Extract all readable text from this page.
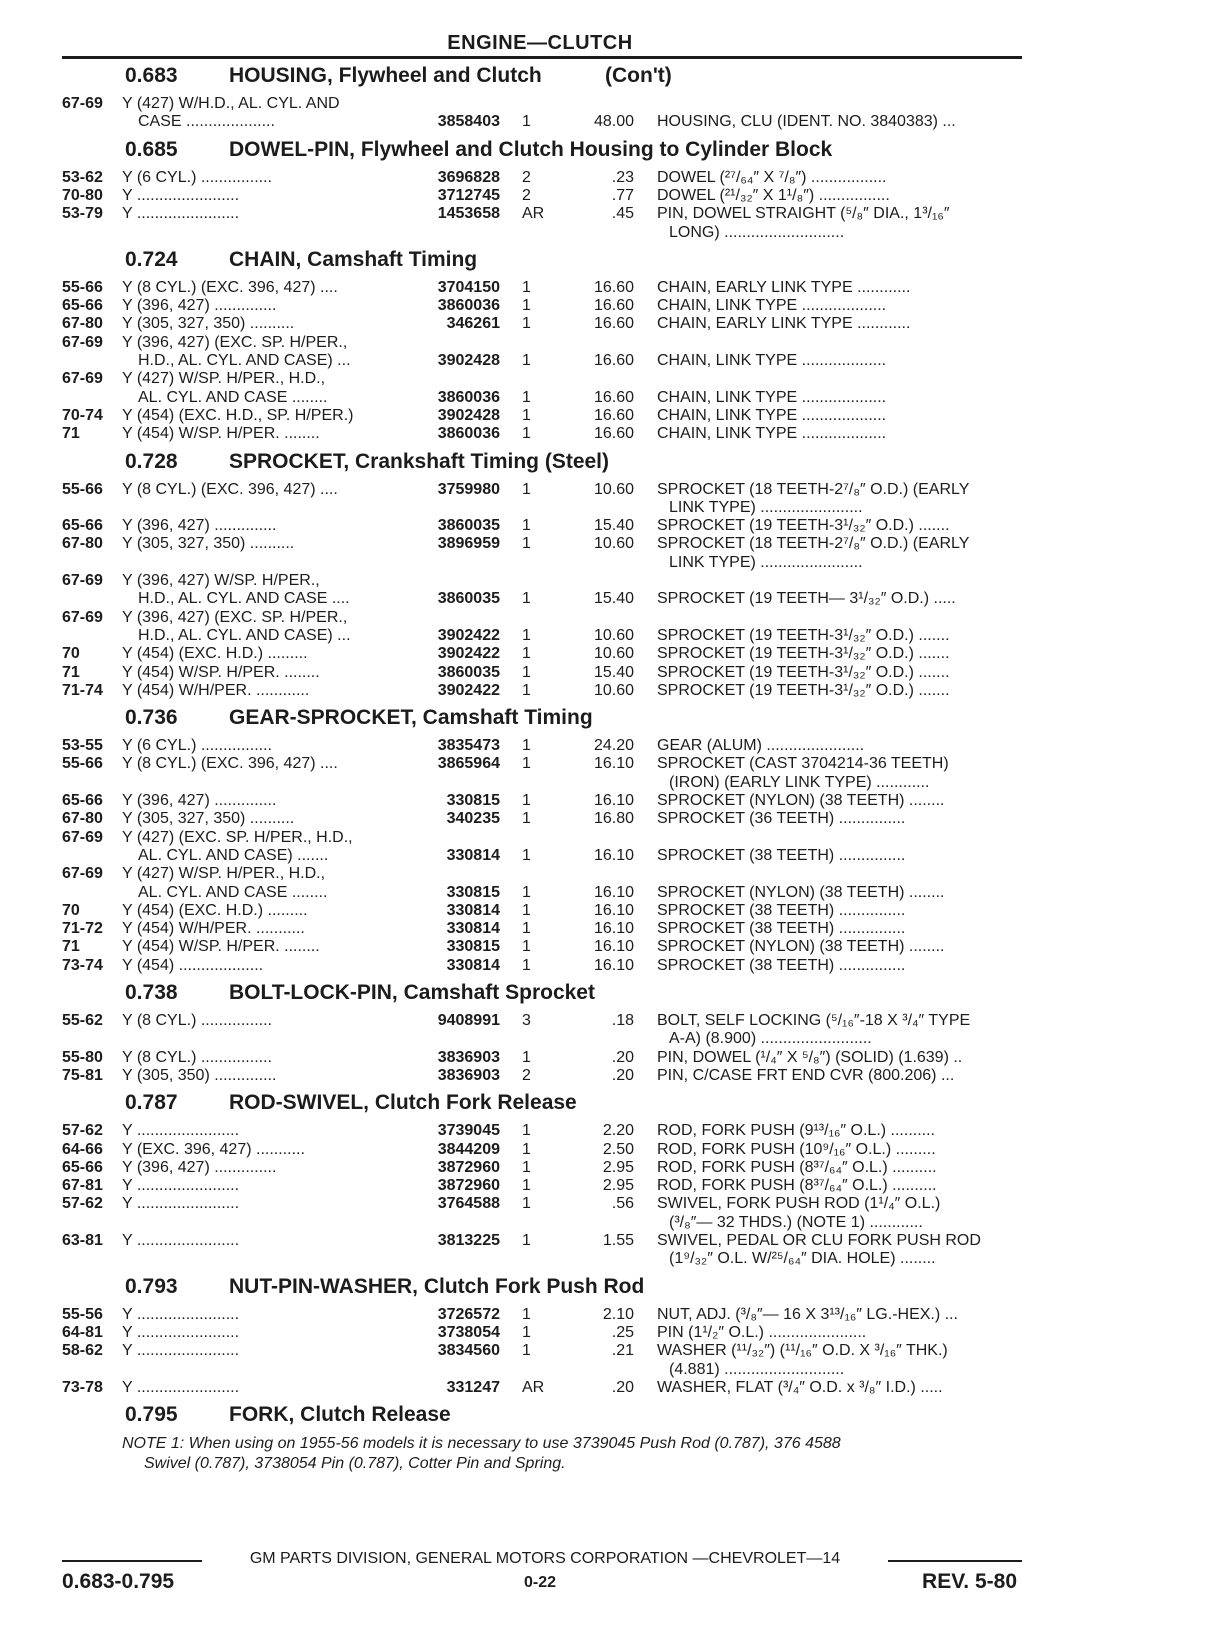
ENGINE—CLUTCH
0.683 HOUSING, Flywheel and Clutch	(Con't)
67-69 Y (427) W/H.D., AL. CYL. AND
CASE ....................	3858403 1	48.00 HOUSING, CLU (IDENT. NO. 3840383) ...
0.685 DOWEL-PIN, Flywheel and Clutch Housing to Cylinder Block
53-62 Y (6 CYL.) ................	3696828 2	.23 DOWEL (²⁷/₆₄″ X ⁷/₈″) .................
70-80 Y .......................	3712745 2	.77 DOWEL (²¹/₃₂″ X 1¹/₈″) ................
53-79 Y .......................	1453658 AR	.45 PIN, DOWEL STRAIGHT (⁵/₈″ DIA., 1³/₁₆″
LONG) ...........................
0.724 CHAIN, Camshaft Timing
55-66 Y (8 CYL.) (EXC. 396, 427) ....	3704150 1	16.60 CHAIN, EARLY LINK TYPE ............
65-66 Y (396, 427) ..............	3860036 1	16.60 CHAIN, LINK TYPE ...................
67-80 Y (305, 327, 350) ..........	346261 1	16.60 CHAIN, EARLY LINK TYPE ............
67-69 Y (396, 427) (EXC. SP. H/PER.,
H.D., AL. CYL. AND CASE) ...	3902428 1	16.60 CHAIN, LINK TYPE ...................
67-69 Y (427) W/SP. H/PER., H.D.,
AL. CYL. AND CASE ........	3860036 1	16.60 CHAIN, LINK TYPE ...................
70-74 Y (454) (EXC. H.D., SP. H/PER.)	3902428 1	16.60 CHAIN, LINK TYPE ...................
71	Y (454) W/SP. H/PER. ........	3860036 1	16.60 CHAIN, LINK TYPE ...................
0.728 SPROCKET, Crankshaft Timing (Steel)
55-66 Y (8 CYL.) (EXC. 396, 427) ....	3759980 1	10.60 SPROCKET (18 TEETH-2⁷/₈″ O.D.) (EARLY
LINK TYPE) .......................
65-66 Y (396, 427) ..............	3860035 1	15.40 SPROCKET (19 TEETH-3¹/₃₂″ O.D.) .......
67-80 Y (305, 327, 350) ..........	3896959 1	10.60 SPROCKET (18 TEETH-2⁷/₈″ O.D.) (EARLY
LINK TYPE) .......................
67-69 Y (396, 427) W/SP. H/PER.,
H.D., AL. CYL. AND CASE ....	3860035 1	15.40 SPROCKET (19 TEETH— 3¹/₃₂″ O.D.) .....
67-69 Y (396, 427) (EXC. SP. H/PER.,
H.D., AL. CYL. AND CASE) ...	3902422 1	10.60 SPROCKET (19 TEETH-3¹/₃₂″ O.D.) .......
70	Y (454) (EXC. H.D.) .........	3902422 1	10.60 SPROCKET (19 TEETH-3¹/₃₂″ O.D.) .......
71	Y (454) W/SP. H/PER. ........	3860035 1	15.40 SPROCKET (19 TEETH-3¹/₃₂″ O.D.) .......
71-74 Y (454) W/H/PER. ............	3902422 1	10.60 SPROCKET (19 TEETH-3¹/₃₂″ O.D.) .......
0.736 GEAR-SPROCKET, Camshaft Timing
53-55 Y (6 CYL.) ................	3835473 1	24.20 GEAR (ALUM) ......................
55-66 Y (8 CYL.) (EXC. 396, 427) ....	3865964 1	16.10 SPROCKET (CAST 3704214-36 TEETH)
(IRON) (EARLY LINK TYPE) ............
65-66 Y (396, 427) ..............	330815 1	16.10 SPROCKET (NYLON) (38 TEETH) ........
67-80 Y (305, 327, 350) ..........	340235 1	16.80 SPROCKET (36 TEETH) ...............
67-69 Y (427) (EXC. SP. H/PER., H.D.,
AL. CYL. AND CASE) .......	330814 1	16.10 SPROCKET (38 TEETH) ...............
67-69 Y (427) W/SP. H/PER., H.D.,
AL. CYL. AND CASE ........	330815 1	16.10 SPROCKET (NYLON) (38 TEETH) ........
70	Y (454) (EXC. H.D.) .........	330814 1	16.10 SPROCKET (38 TEETH) ...............
71-72 Y (454) W/H/PER. ...........	330814 1	16.10 SPROCKET (38 TEETH) ...............
71	Y (454) W/SP. H/PER. ........	330815 1	16.10 SPROCKET (NYLON) (38 TEETH) ........
73-74 Y (454) ...................	330814 1	16.10 SPROCKET (38 TEETH) ...............
0.738 BOLT-LOCK-PIN, Camshaft Sprocket
55-62 Y (8 CYL.) ................	9408991 3	.18 BOLT, SELF LOCKING (⁵/₁₆″-18 X ³/₄″ TYPE
A-A) (8.900) .........................
55-80 Y (8 CYL.) ................	3836903 1	.20 PIN, DOWEL (¹/₄″ X ⁵/₈″) (SOLID) (1.639) ..
75-81 Y (305, 350) ..............	3836903 2	.20 PIN, C/CASE FRT END CVR (800.206) ...
0.787 ROD-SWIVEL, Clutch Fork Release
57-62 Y .......................	3739045 1	2.20 ROD, FORK PUSH (9¹³/₁₆″ O.L.) ..........
64-66 Y (EXC. 396, 427) ...........	3844209 1	2.50 ROD, FORK PUSH (10⁹/₁₆″ O.L.) .........
65-66 Y (396, 427) ..............	3872960 1	2.95 ROD, FORK PUSH (8³⁷/₆₄″ O.L.) ..........
67-81 Y .......................	3872960 1	2.95 ROD, FORK PUSH (8³⁷/₆₄″ O.L.) ..........
57-62 Y .......................	3764588 1	.56 SWIVEL, FORK PUSH ROD (1¹/₄″ O.L.)
(³/₈″— 32 THDS.) (NOTE 1) ............
63-81 Y .......................	3813225 1	1.55 SWIVEL, PEDAL OR CLU FORK PUSH ROD
(1⁹/₃₂″ O.L. W/²⁵/₆₄″ DIA. HOLE) ........
0.793 NUT-PIN-WASHER, Clutch Fork Push Rod
55-56 Y .......................	3726572 1	2.10 NUT, ADJ. (³/₈″— 16 X 3¹³/₁₆″ LG.-HEX.) ...
64-81 Y .......................	3738054 1	.25 PIN (1¹/₂″ O.L.) ......................
58-62 Y .......................	3834560 1	.21 WASHER (¹¹/₃₂″) (¹¹/₁₆″ O.D. X ³/₁₆″ THK.)
(4.881) ...........................
73-78 Y .......................	331247 AR	.20 WASHER, FLAT (³/₄″ O.D. x ³/₈″ I.D.) .....
0.795 FORK, Clutch Release
NOTE 1: When using on 1955-56 models it is necessary to use 3739045 Push Rod (0.787), 376 4588
Swivel (0.787), 3738054 Pin (0.787), Cotter Pin and Spring.
GM PARTS DIVISION, GENERAL MOTORS CORPORATION —CHEVROLET—14
0.683-0.795	0-22	REV. 5-80
